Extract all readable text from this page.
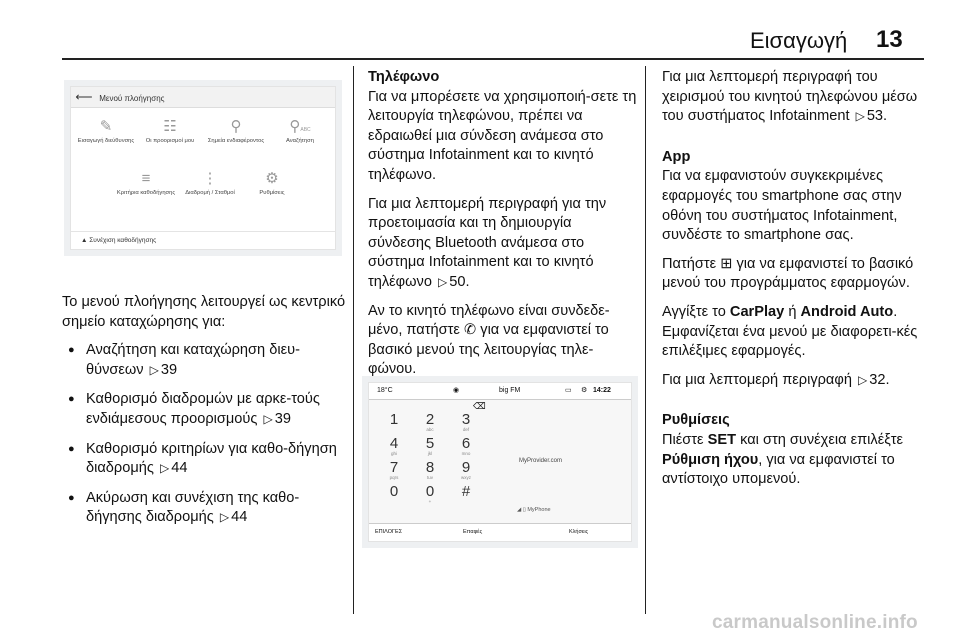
Εισαγωγή 13
⟵ Μενού πλοήγησης
✎
Εισαγωγή διεύθυνσης
☷
Οι προορισμοί μου
⚲
Σημεία ενδιαφέροντος
⚲ABC
Αναζήτηση
≡
Κριτήρια καθοδήγησης
⋮
Διαδρομή / Σταθμοί
⚙
Ρυθμίσεις
▲ Συνέχιση καθοδήγησης

Το μενού πλοήγησης λειτουργεί ως κεντρικό σημείο καταχώρησης για:

● Αναζήτηση και καταχώρηση διευ-θύνσεων ▷ 39
● Καθορισμό διαδρομών με αρκε-τούς ενδιάμεσους προορισμούς ▷ 39
● Καθορισμό κριτηρίων για καθο-δήγηση διαδρομής ▷ 44
● Ακύρωση και συνέχιση της καθο-δήγησης διαδρομής ▷ 44
Τηλέφωνο

Για να μπορέσετε να χρησιμοποιή-σετε τη λειτουργία τηλεφώνου, πρέπει να εδραιωθεί μια σύνδεση ανάμεσα στο σύστημα Infotainment και το κινητό τηλέφωνο.

Για μια λεπτομερή περιγραφή για την προετοιμασία και τη δημιουργία σύνδεσης Bluetooth ανάμεσα στο σύστημα Infotainment και το κινητό τηλέφωνο ▷ 50.

Αν το κινητό τηλέφωνο είναι συνδεδε-μένο, πατήστε ✆ για να εμφανιστεί το βασικό μενού της λειτουργίας τηλε-φώνου.

18°C	◉	big FM	▭ ⚙ 14:22
⌫
1	2
abc
3
def
4
ghi
5
jkl
6
mno
7
pqrs
8
tuv
9
wxyz
0	0
+
#
MyProvider.com
◢ ▯ MyPhone
ΕΠΙΛΟΓΕΣ	Επαφές	Κλήσεις

Για μια λεπτομερή περιγραφή του χειρισμού του κινητού τηλεφώνου μέσω του συστήματος Infotainment ▷ 53.

App

Για να εμφανιστούν συγκεκριμένες εφαρμογές του smartphone σας στην οθόνη του συστήματος Infotainment, συνδέστε το smartphone σας.

Πατήστε ⊞ για να εμφανιστεί το βασικό μενού του προγράμματος εφαρμογών.

Αγγίξτε το CarPlay ή Android Auto. Εμφανίζεται ένα μενού με διαφορετι-κές επιλέξιμες εφαρμογές.

Για μια λεπτομερή περιγραφή ▷ 32.

Ρυθμίσεις

Πιέστε SET και στη συνέχεια επιλέξτε Ρύθμιση ήχου, για να εμφανιστεί το αντίστοιχο υπομενού.

carmanualsonline.info
